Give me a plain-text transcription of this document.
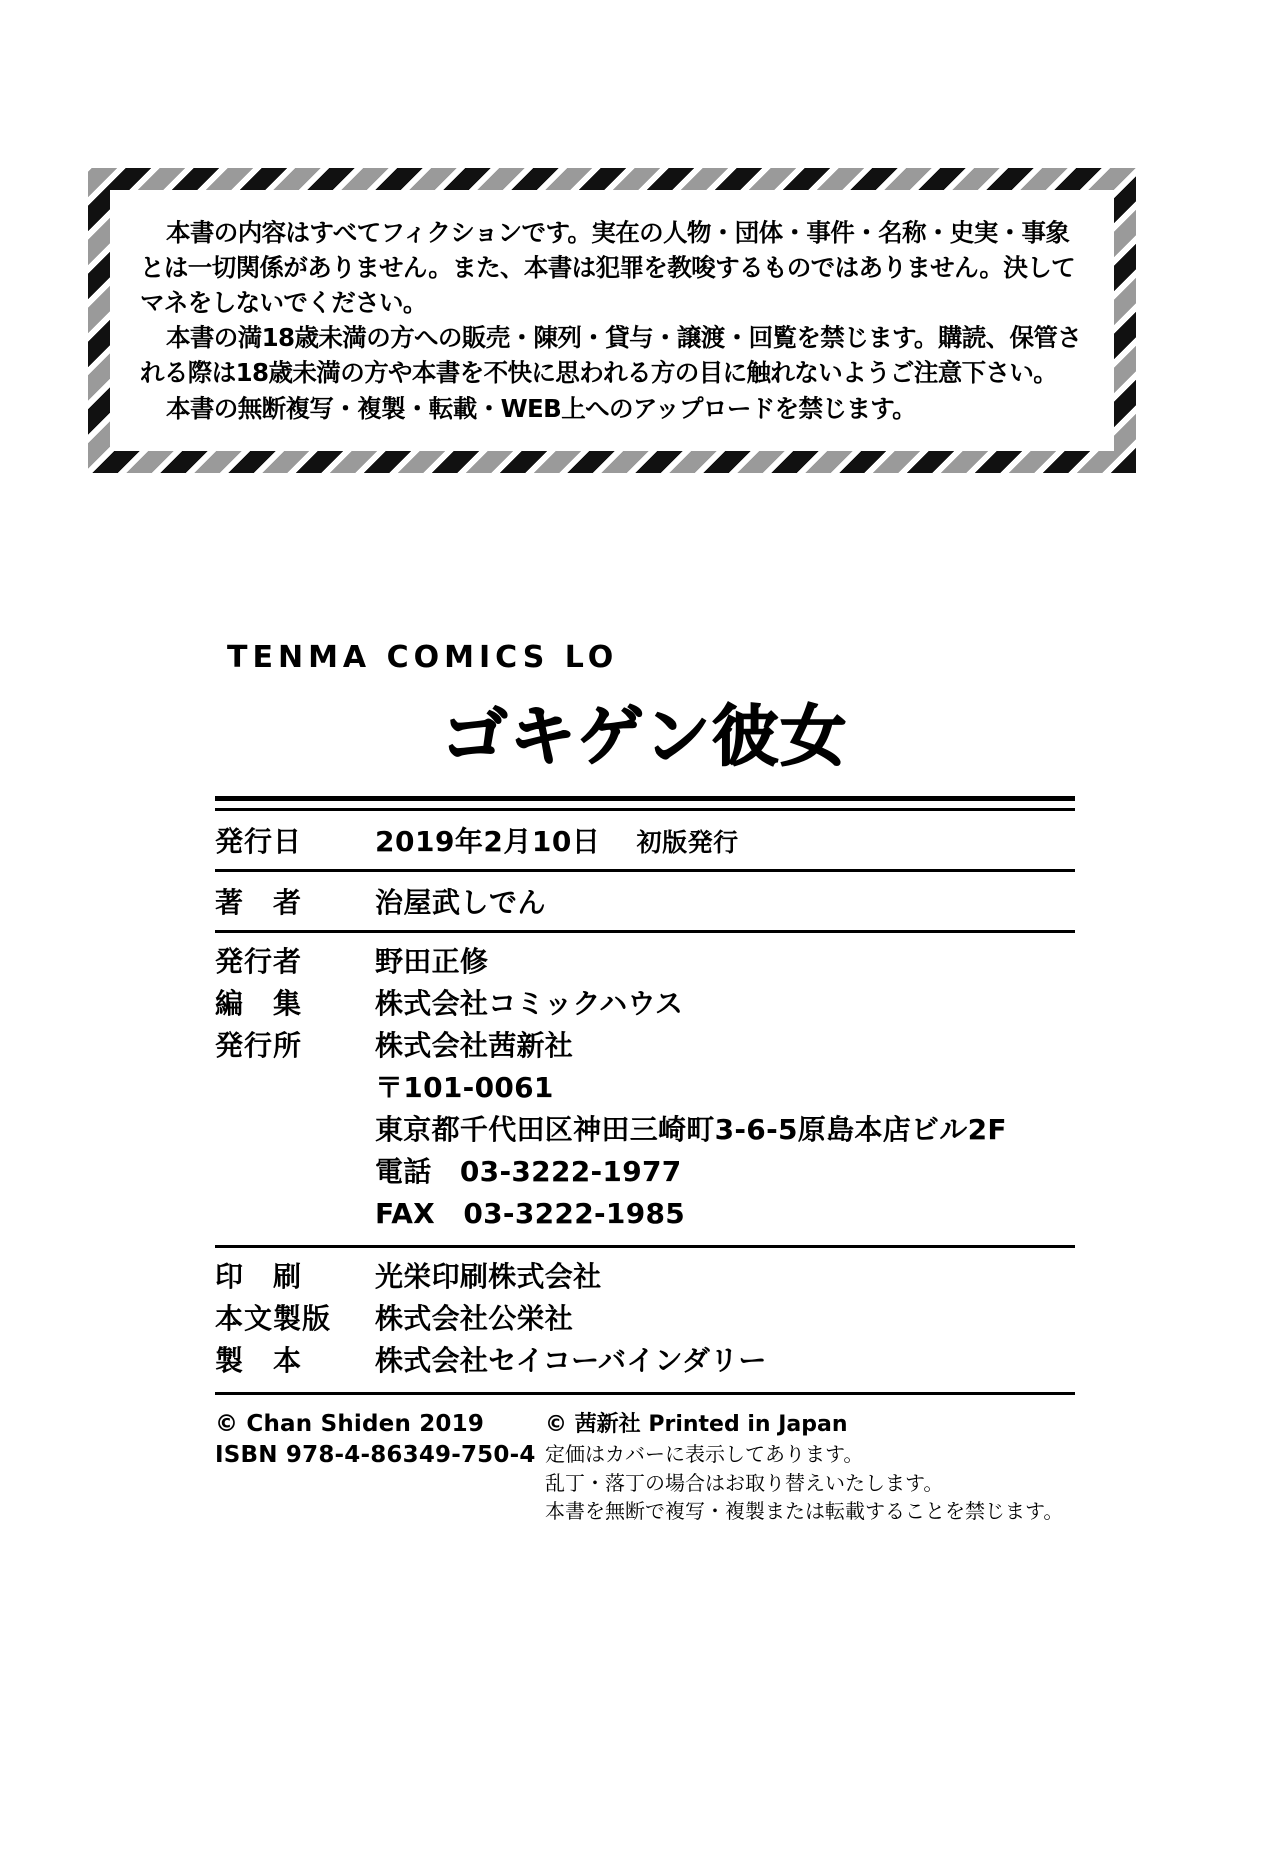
本書の内容はすべてフィクションです。実在の人物・団体・事件・名称・史実・事象とは一切関係がありません。また、本書は犯罪を教唆するものではありません。決してマネをしないでください。

本書の満18歳未満の方への販売・陳列・貸与・譲渡・回覧を禁じます。購読、保管される際は18歳未満の方や本書を不快に思われる方の目に触れないようご注意下さい。

本書の無断複写・複製・転載・WEB上へのアップロードを禁じます。

TENMA COMICS LO
ゴキゲン彼女
発行日	2019年2月10日 初版発行
著　者	治屋武しでん
発行者	野田正修
編　集	株式会社コミックハウス
発行所	株式会社茜新社
〒101-0061
東京都千代田区神田三崎町3-6-5原島本店ビル2F
電話　03-3222-1977
FAX　03-3222-1985
印　刷	光栄印刷株式会社
本文製版	株式会社公栄社
製　本	株式会社セイコーバインダリー
© Chan Shiden 2019
ISBN 978-4-86349-750-4
© 茜新社 Printed in Japan
定価はカバーに表示してあります。
乱丁・落丁の場合はお取り替えいたします。
本書を無断で複写・複製または転載することを禁じます。
